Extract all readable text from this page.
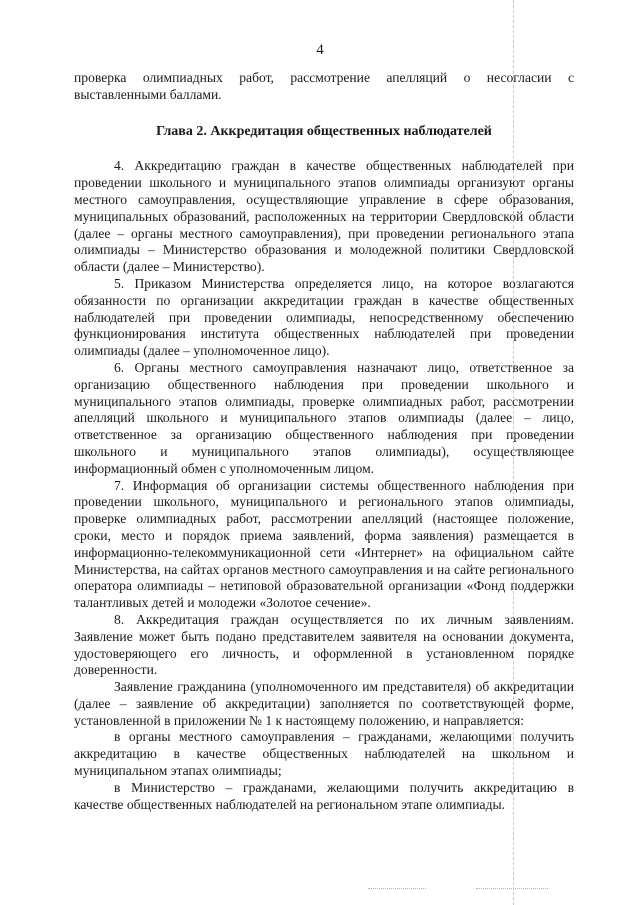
4

проверка олимпиадных работ, рассмотрение апелляций о несогласии с выставленными баллами.

Глава 2. Аккредитация общественных наблюдателей

4. Аккредитацию граждан в качестве общественных наблюдателей при проведении школьного и муниципального этапов олимпиады организуют органы местного самоуправления, осуществляющие управление в сфере образования, муниципальных образований, расположенных на территории Свердловской области (далее – органы местного самоуправления), при проведении регионального этапа олимпиады – Министерство образования и молодежной политики Свердловской области (далее – Министерство).

5. Приказом Министерства определяется лицо, на которое возлагаются обязанности по организации аккредитации граждан в качестве общественных наблюдателей при проведении олимпиады, непосредственному обеспечению функционирования института общественных наблюдателей при проведении олимпиады (далее – уполномоченное лицо).

6. Органы местного самоуправления назначают лицо, ответственное за организацию общественного наблюдения при проведении школьного и муниципального этапов олимпиады, проверке олимпиадных работ, рассмотрении апелляций школьного и муниципального этапов олимпиады (далее – лицо, ответственное за организацию общественного наблюдения при проведении школьного и муниципального этапов олимпиады), осуществляющее информационный обмен с уполномоченным лицом.

7. Информация об организации системы общественного наблюдения при проведении школьного, муниципального и регионального этапов олимпиады, проверке олимпиадных работ, рассмотрении апелляций (настоящее положение, сроки, место и порядок приема заявлений, форма заявления) размещается в информационно-телекоммуникационной сети «Интернет» на официальном сайте Министерства, на сайтах органов местного самоуправления и на сайте регионального оператора олимпиады – нетиповой образовательной организации «Фонд поддержки талантливых детей и молодежи «Золотое сечение».

8. Аккредитация граждан осуществляется по их личным заявлениям. Заявление может быть подано представителем заявителя на основании документа, удостоверяющего его личность, и оформленной в установленном порядке доверенности.

Заявление гражданина (уполномоченного им представителя) об аккредитации (далее – заявление об аккредитации) заполняется по соответствующей форме, установленной в приложении № 1 к настоящему положению, и направляется:

в органы местного самоуправления – гражданами, желающими получить аккредитацию в качестве общественных наблюдателей на школьном и муниципальном этапах олимпиады;

в Министерство – гражданами, желающими получить аккредитацию в качестве общественных наблюдателей на региональном этапе олимпиады.
